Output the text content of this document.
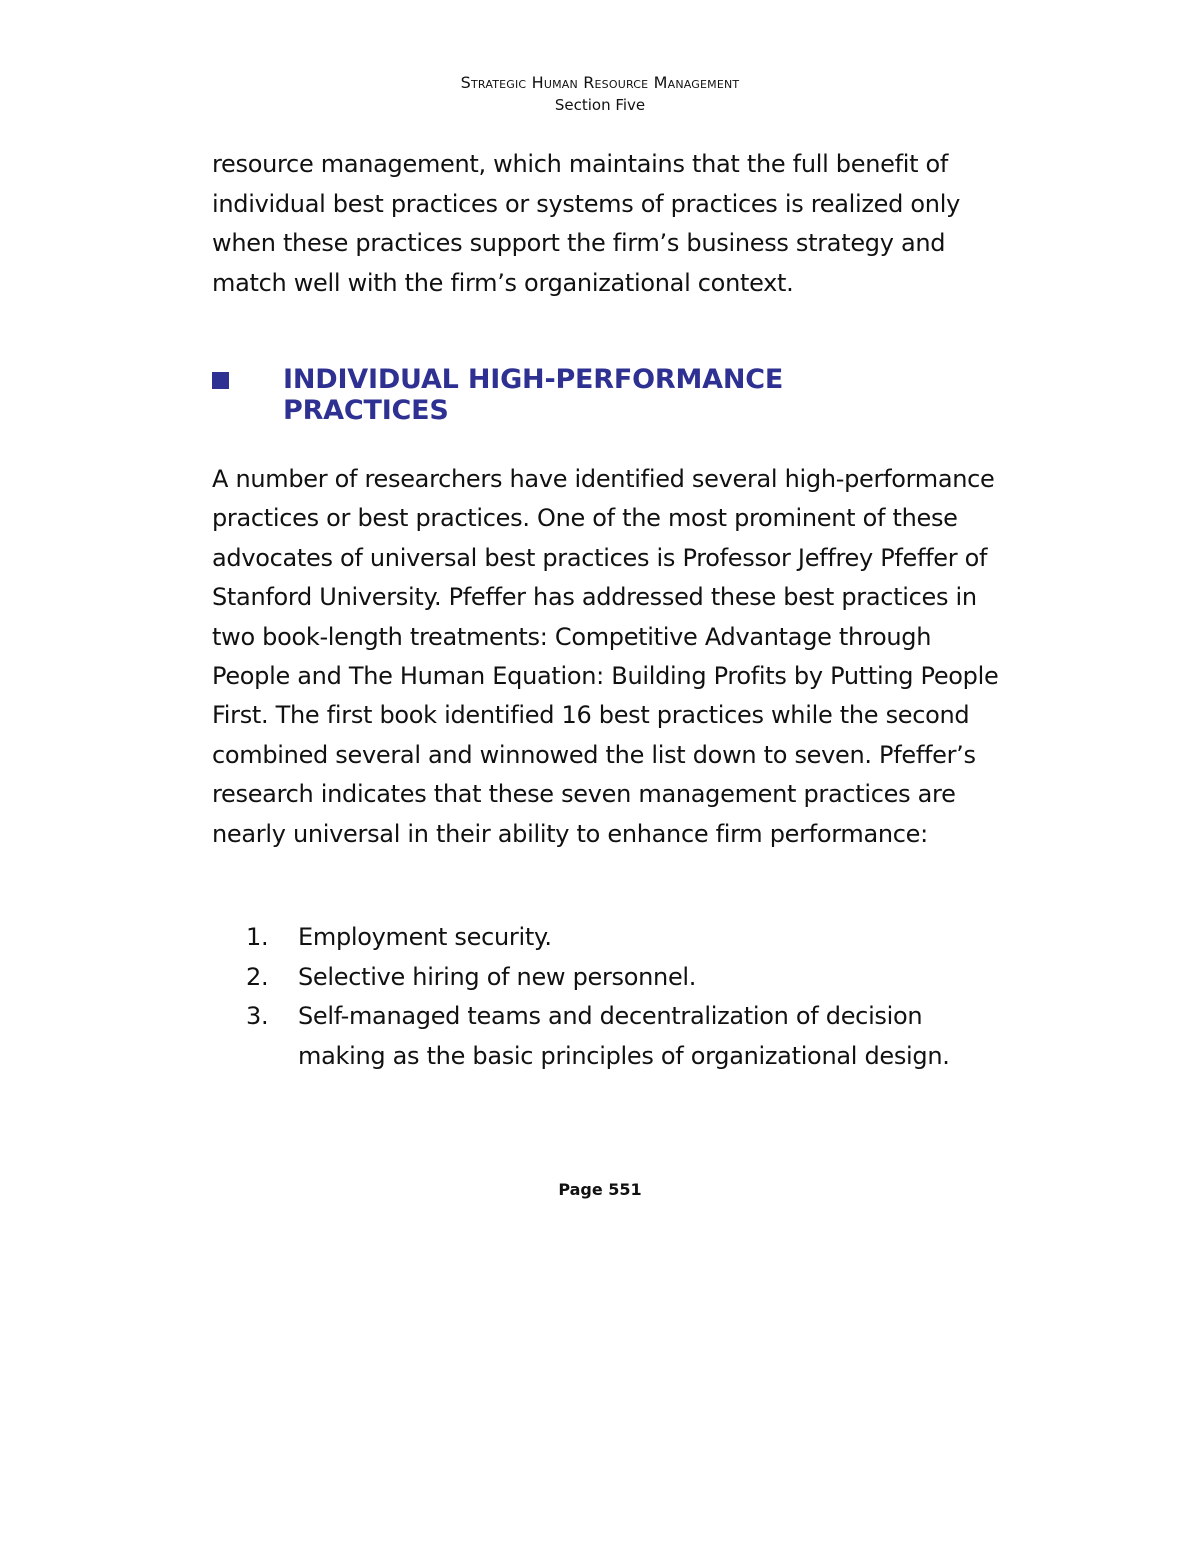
Strategic Human Resource Management
Section Five
resource management, which maintains that the full benefit of individual best practices or systems of practices is realized only when these practices support the firm’s business strategy and match well with the firm’s organizational context.
INDIVIDUAL HIGH-PERFORMANCE
PRACTICES
A number of researchers have identified several high-performance practices or best practices. One of the most prominent of these advocates of universal best practices is Professor Jeffrey Pfeffer of Stanford University. Pfeffer has addressed these best practices in two book-length treatments: Competitive Advantage through People and The Human Equation: Building Profits by Putting People First. The first book identified 16 best practices while the second combined several and winnowed the list down to seven. Pfeffer’s research indicates that these seven management practices are nearly universal in their ability to enhance firm performance:
1.	Employment security.
2.	Selective hiring of new personnel.
3.	Self-managed teams and decentralization of decision making as the basic principles of organizational design.
Page 551
